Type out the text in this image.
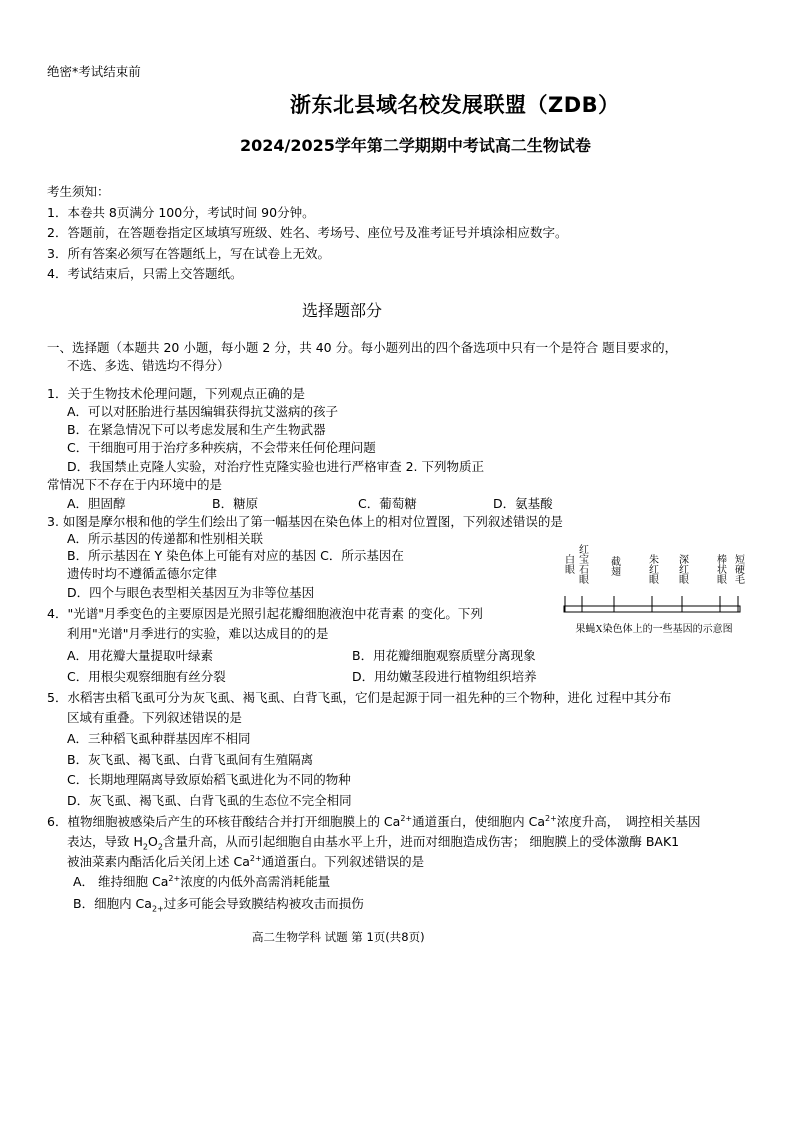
绝密*考试结束前
浙东北县域名校发展联盟（ZDB）
2024/2025学年第二学期期中考试高二生物试卷
考生须知：
1．本卷共 8页满分 100分，考试时间 90分钟。
2．答题前，在答题卷指定区域填写班级、姓名、考场号、座位号及准考证号并填涂相应数字。
3．所有答案必须写在答题纸上，写在试卷上无效。
4．考试结束后，只需上交答题纸。
选择题部分
一、选择题（本题共 20 小题，每小题 2 分，共 40 分。每小题列出的四个备选项中只有一个是符合 题目要求的，
不选、多选、错选均不得分）
1．关于生物技术伦理问题，下列观点正确的是
A．可以对胚胎进行基因编辑获得抗艾滋病的孩子
B．在紧急情况下可以考虑发展和生产生物武器
C．干细胞可用于治疗多种疾病，不会带来任何伦理问题
D．我国禁止克隆人实验，对治疗性克隆实验也进行严格审查 2. 下列物质正
常情况下不存在于内环境中的是
A．胆固醇	B．糖原	C．葡萄糖	D．氨基酸
3. 如图是摩尔根和他的学生们绘出了第一幅基因在染色体上的相对位置图，下列叙述错误的是
A．所示基因的传递都和性别相关联
B．所示基因在 Y 染色体上可能有对应的基因 C．所示基因在
遗传时均不遵循孟德尔定律
D．四个与眼色表型相关基因互为非等位基因
白眼 红宝石眼 截翅	朱红眼 深红眼	棒状眼 短硬毛
果蝇X染色体上的一些基因的示意图
4．"光谱"月季变色的主要原因是光照引起花瓣细胞液泡中花青素 的变化。下列
利用"光谱"月季进行的实验，难以达成目的的是
A．用花瓣大量提取叶绿素	B．用花瓣细胞观察质壁分离现象
C．用根尖观察细胞有丝分裂	D．用幼嫩茎段进行植物组织培养
5．水稻害虫稻飞虱可分为灰飞虱、褐飞虱、白背飞虱，它们是起源于同一祖先种的三个物种，进化 过程中其分布
区域有重叠。下列叙述错误的是
A．三种稻飞虱种群基因库不相同
B．灰飞虱、褐飞虱、白背飞虱间有生殖隔离
C．长期地理隔离导致原始稻飞虱进化为不同的物种
D．灰飞虱、褐飞虱、白背飞虱的生态位不完全相同
6．植物细胞被感染后产生的环核苷酸结合并打开细胞膜上的 $Ca^{2+}$通道蛋白，使细胞内 $Ca^{2+}$浓度升高，　调控相关基因
表达，导致 $H_2O_2$含量升高，从而引起细胞自由基水平上升，进而对细胞造成伤害； 细胞膜上的受体激酶 BAK1
被油菜素内酯活化后关闭上述 $Ca^{2+}$通道蛋白。下列叙述错误的是
A． 维持细胞 $Ca^{2+}$浓度的内低外高需消耗能量
B．细胞内 $Ca_{2+}$过多可能会导致膜结构被攻击而损伤
高二生物学科 试题 第 1页(共8页)
